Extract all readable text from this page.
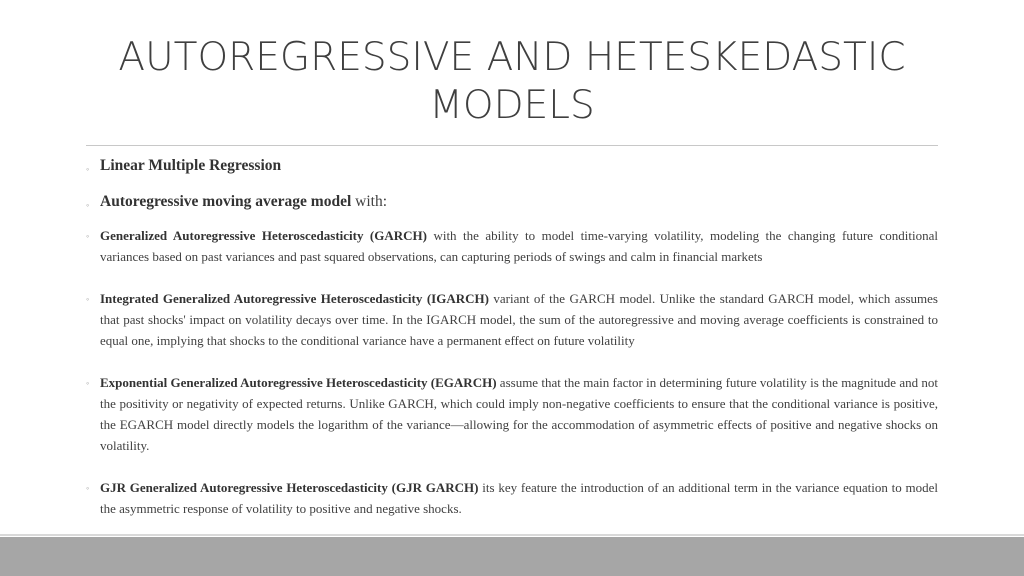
AUTOREGRESSIVE AND HETESKEDASTIC
MODELS
◦ Linear Multiple Regression
◦ Autoregressive moving average model with:
◦ Generalized Autoregressive Heteroscedasticity (GARCH) with the ability to model time-varying volatility, modeling the changing future conditional variances based on past variances and past squared observations, can capturing periods of swings and calm in financial markets
◦ Integrated Generalized Autoregressive Heteroscedasticity (IGARCH) variant of the GARCH model. Unlike the standard GARCH model, which assumes that past shocks' impact on volatility decays over time. In the IGARCH model, the sum of the autoregressive and moving average coefficients is constrained to equal one, implying that shocks to the conditional variance have a permanent effect on future volatility
◦ Exponential Generalized Autoregressive Heteroscedasticity (EGARCH) assume that the main factor in determining future volatility is the magnitude and not the positivity or negativity of expected returns. Unlike GARCH, which could imply non-negative coefficients to ensure that the conditional variance is positive, the EGARCH model directly models the logarithm of the variance—allowing for the accommodation of asymmetric effects of positive and negative shocks on volatility.
◦ GJR Generalized Autoregressive Heteroscedasticity (GJR GARCH) its key feature the introduction of an additional term in the variance equation to model the asymmetric response of volatility to positive and negative shocks.
